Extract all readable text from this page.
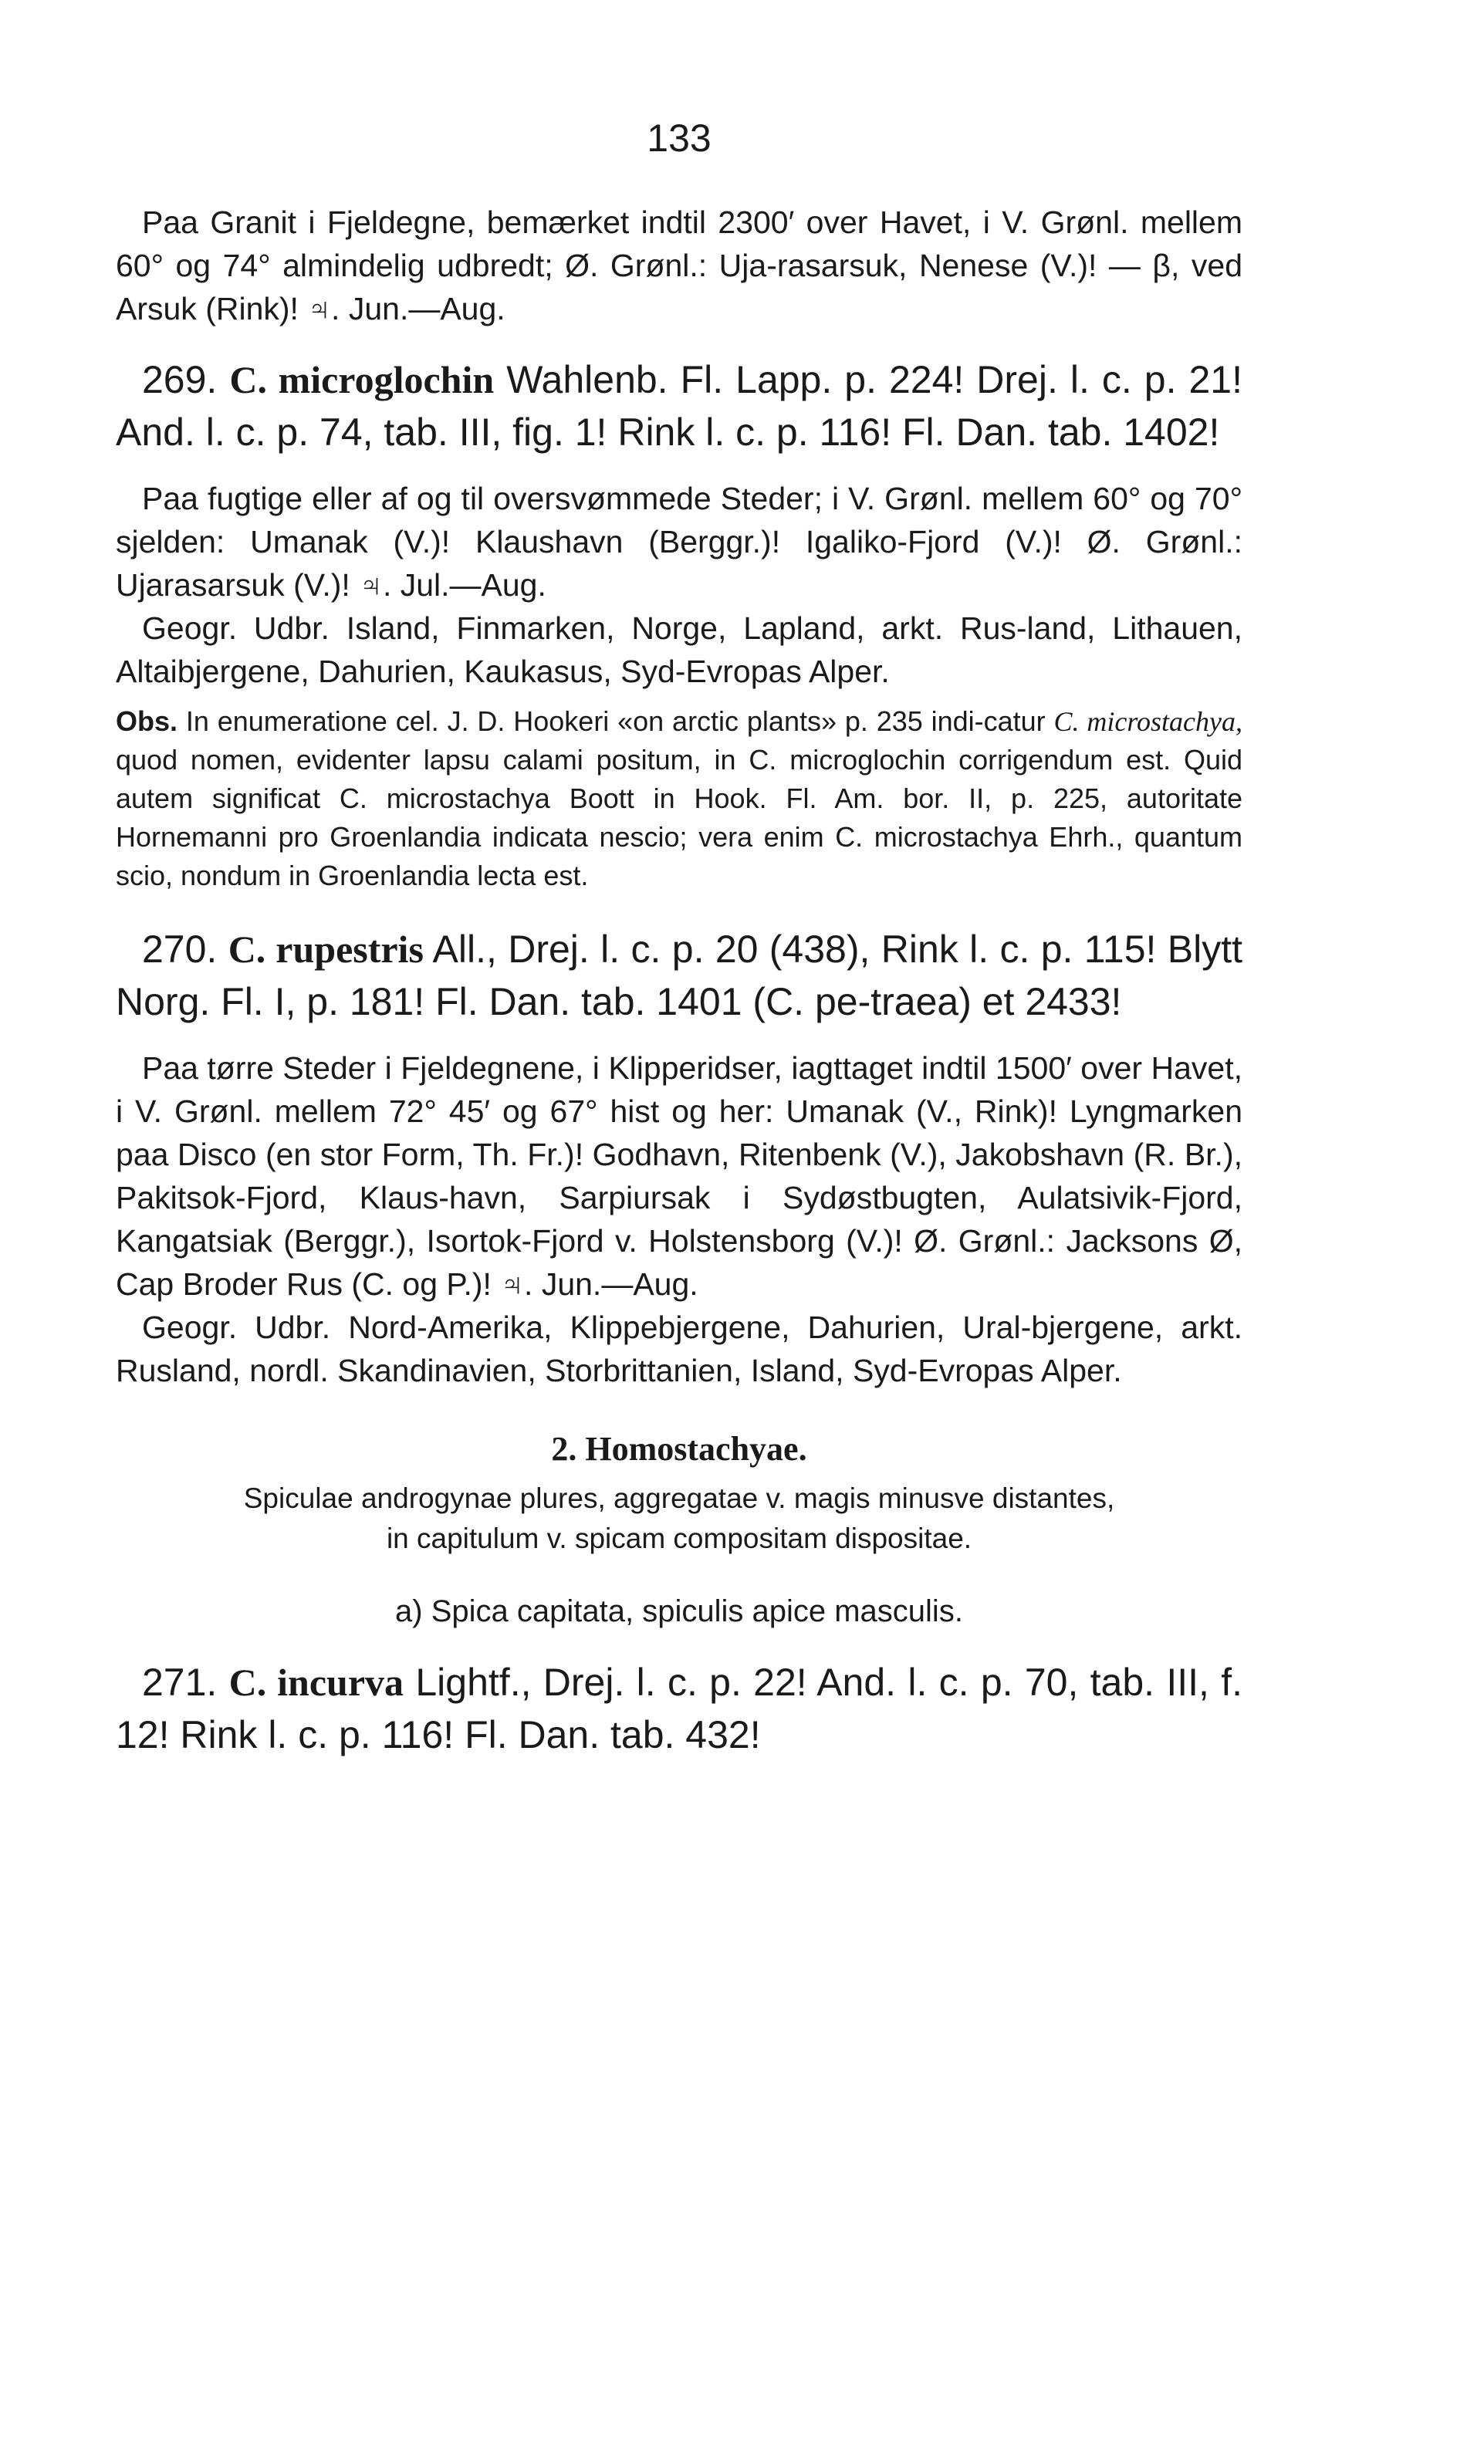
133

Paa Granit i Fjeldegne, bemærket indtil 2300′ over Havet, i V. Grønl. mellem 60° og 74° almindelig udbredt; Ø. Grønl.: Uja-rasarsuk, Nenese (V.)! — β, ved Arsuk (Rink)! ♃. Jun.—Aug.

269. C. microglochin Wahlenb. Fl. Lapp. p. 224! Drej. l. c. p. 21! And. l. c. p. 74, tab. III, fig. 1! Rink l. c. p. 116! Fl. Dan. tab. 1402!

Paa fugtige eller af og til oversvømmede Steder; i V. Grønl. mellem 60° og 70° sjelden: Umanak (V.)! Klaushavn (Berggr.)! Igaliko-Fjord (V.)! Ø. Grønl.: Ujarasarsuk (V.)! ♃. Jul.—Aug.

Geogr. Udbr. Island, Finmarken, Norge, Lapland, arkt. Rus-land, Lithauen, Altaibjergene, Dahurien, Kaukasus, Syd-Evropas Alper.

Obs. In enumeratione cel. J. D. Hookeri «on arctic plants» p. 235 indi-catur C. microstachya, quod nomen, evidenter lapsu calami positum, in C. microglochin corrigendum est. Quid autem significat C. microstachya Boott in Hook. Fl. Am. bor. II, p. 225, autoritate Hornemanni pro Groenlandia indicata nescio; vera enim C. microstachya Ehrh., quantum scio, nondum in Groenlandia lecta est.

270. C. rupestris All., Drej. l. c. p. 20 (438), Rink l. c. p. 115! Blytt Norg. Fl. I, p. 181! Fl. Dan. tab. 1401 (C. pe-traea) et 2433!

Paa tørre Steder i Fjeldegnene, i Klipperidser, iagttaget indtil 1500′ over Havet, i V. Grønl. mellem 72° 45′ og 67° hist og her: Umanak (V., Rink)! Lyngmarken paa Disco (en stor Form, Th. Fr.)! Godhavn, Ritenbenk (V.), Jakobshavn (R. Br.), Pakitsok-Fjord, Klaus-havn, Sarpiursak i Sydøstbugten, Aulatsivik-Fjord, Kangatsiak (Berggr.), Isortok-Fjord v. Holstensborg (V.)! Ø. Grønl.: Jacksons Ø, Cap Broder Rus (C. og P.)! ♃. Jun.—Aug.

Geogr. Udbr. Nord-Amerika, Klippebjergene, Dahurien, Ural-bjergene, arkt. Rusland, nordl. Skandinavien, Storbrittanien, Island, Syd-Evropas Alper.

2. Homostachyae.

Spiculae androgynae plures, aggregatae v. magis minusve distantes,

in capitulum v. spicam compositam dispositae.

a) Spica capitata, spiculis apice masculis.

271. C. incurva Lightf., Drej. l. c. p. 22! And. l. c. p. 70, tab. III, f. 12! Rink l. c. p. 116! Fl. Dan. tab. 432!
